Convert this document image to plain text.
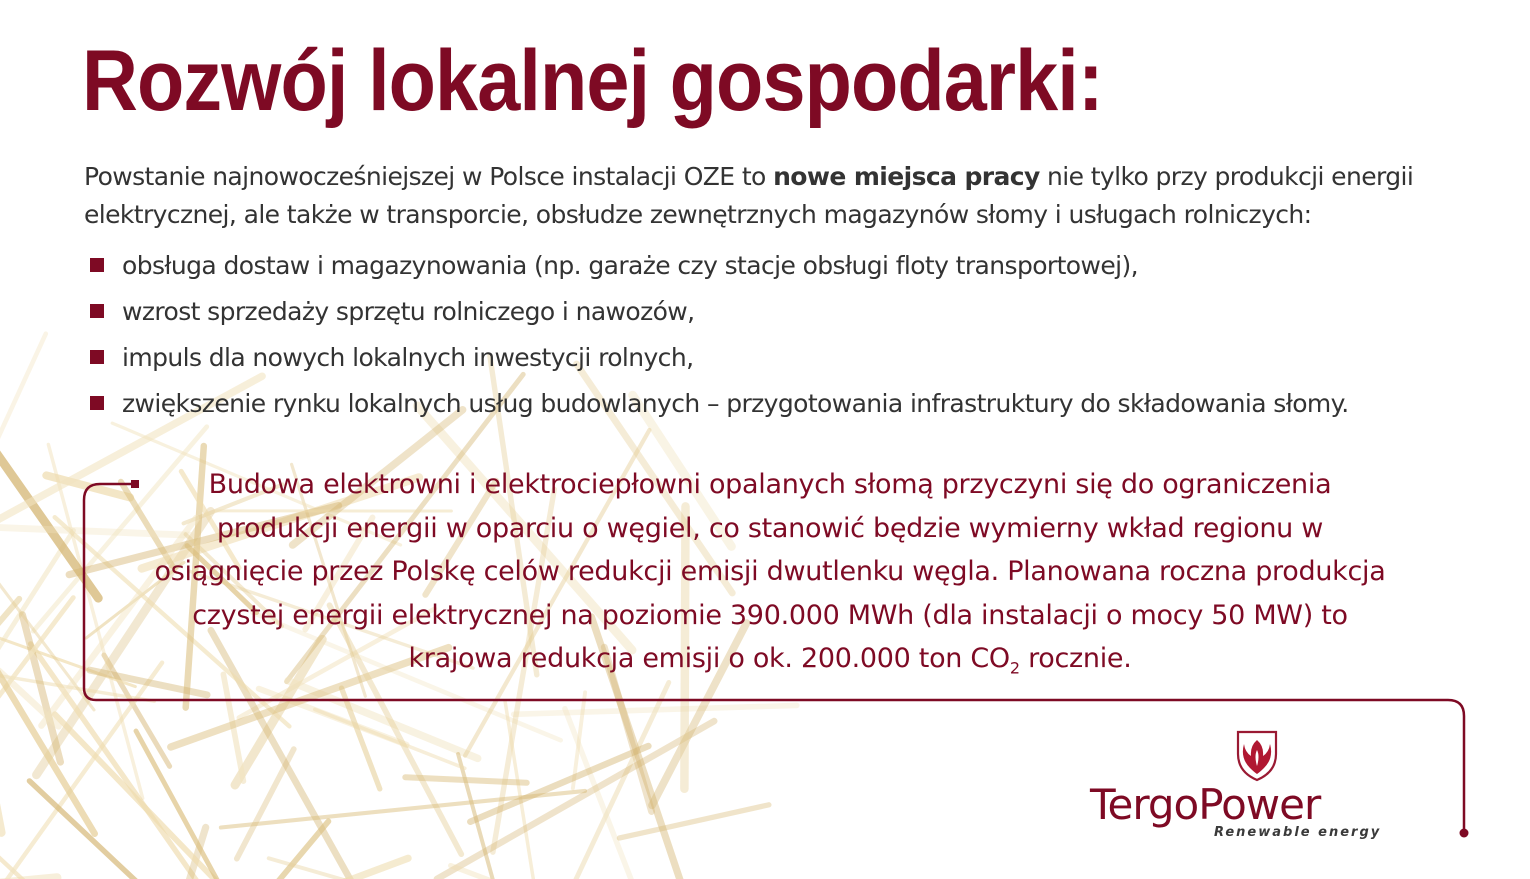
Rozwój lokalnej gospodarki:

Powstanie najnowocześniejszej w Polsce instalacji OZE to nowe miejsca pracy nie tylko przy produkcji energii elektrycznej, ale także w transporcie, obsłudze zewnętrznych magazynów słomy i usługach rolniczych:

obsługa dostaw i magazynowania (np. garaże czy stacje obsługi floty transportowej),
wzrost sprzedaży sprzętu rolniczego i nawozów,
impuls dla nowych lokalnych inwestycji rolnych,
zwiększenie rynku lokalnych usług budowlanych – przygotowania infrastruktury do składowania słomy.

Budowa elektrowni i elektrociepłowni opalanych słomą przyczyni się do ograniczenia produkcji energii w oparciu o węgiel, co stanowić będzie wymierny wkład regionu w osiągnięcie przez Polskę celów redukcji emisji dwutlenku węgla. Planowana roczna produkcja czystej energii elektrycznej na poziomie 390.000 MWh (dla instalacji o mocy 50 MW) to krajowa redukcja emisji o ok. 200.000 ton $CO_2$ rocznie.

TergoPower

Renewable energy
